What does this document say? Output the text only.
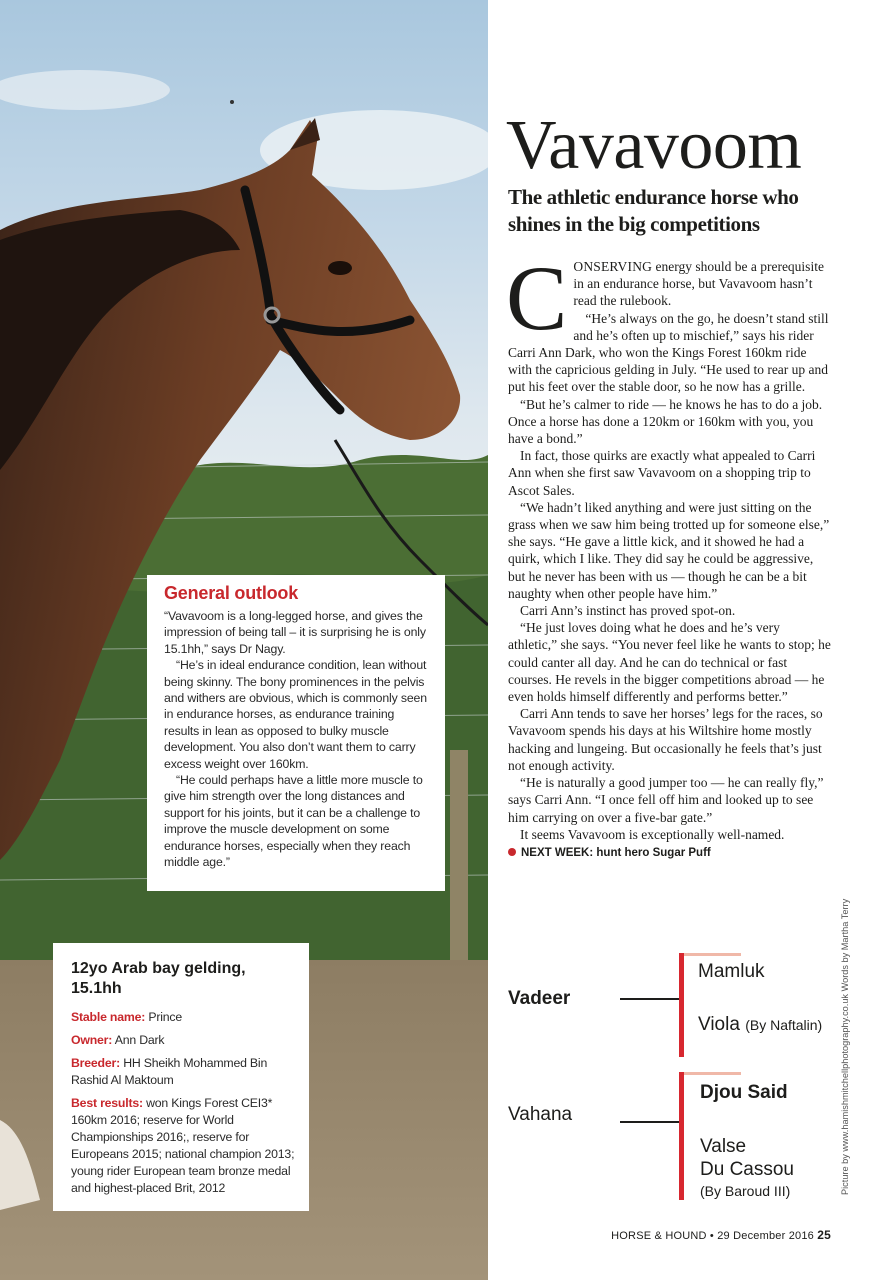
General outlook

“Vavavoom is a long-legged horse, and gives the impression of being tall – it is surprising he is only 15.1hh,” says Dr Nagy.

“He’s in ideal endurance condition, lean without being skinny. The bony prominences in the pelvis and withers are obvious, which is commonly seen in endurance horses, as endurance training results in lean as opposed to bulky muscle development. You also don’t want them to carry excess weight over 160km.

“He could perhaps have a little more muscle to give him strength over the long distances and support for his joints, but it can be a challenge to improve the muscle development on some endurance horses, especially when they reach middle age.”

12yo Arab bay gelding, 15.1hh
Stable name: Prince
Owner: Ann Dark
Breeder: HH Sheikh Mohammed Bin Rashid Al Maktoum
Best results: won Kings Forest CEI3* 160km 2016; reserve for World Championships 2016;, reserve for Europeans 2015; national champion 2013; young rider European team bronze medal and highest-placed Brit, 2012
Vavavoom
The athletic endurance horse who shines in the big competitions

CONSERVING energy should be a prerequisite in an endurance horse, but Vavavoom hasn’t read the rulebook.

“He’s always on the go, he doesn’t stand still and he’s often up to mischief,” says his rider Carri Ann Dark, who won the Kings Forest 160km ride with the capricious gelding in July. “He used to rear up and put his feet over the stable door, so he now has a grille.

“But he’s calmer to ride — he knows he has to do a job. Once a horse has done a 120km or 160km with you, you have a bond.”

In fact, those quirks are exactly what appealed to Carri Ann when she first saw Vavavoom on a shopping trip to Ascot Sales.

“We hadn’t liked anything and were just sitting on the grass when we saw him being trotted up for someone else,” she says. “He gave a little kick, and it showed he had a quirk, which I like. They did say he could be aggressive, but he never has been with us — though he can be a bit naughty when other people have him.”

Carri Ann’s instinct has proved spot-on.

“He just loves doing what he does and he’s very athletic,” she says. “You never feel like he wants to stop; he could canter all day. And he can do technical or fast courses. He revels in the bigger competitions abroad — he even holds himself differently and performs better.”

Carri Ann tends to save her horses’ legs for the races, so Vavavoom spends his days at his Wiltshire home mostly hacking and lungeing. But occasionally he feels that’s just not enough activity.

“He is naturally a good jumper too — he can really fly,” says Carri Ann. “I once fell off him and looked up to see him carrying on over a five-bar gate.”

It seems Vavavoom is exceptionally well-named.

NEXT WEEK: hunt hero Sugar Puff
Vadeer
Mamluk
Viola (By Naftalin)
Vahana
Djou Said
Valse
Du Cassou
(By Baroud III)	Picture by www.hamishmitchellphotography.co.uk Words by Martha Terry
HORSE & HOUND • 29 December 2016 25
